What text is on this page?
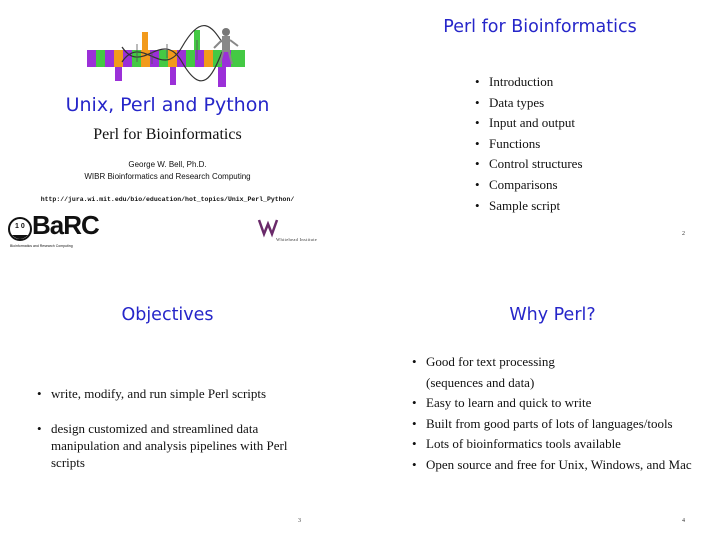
Unix, Perl and Python
Perl for Bioinformatics
George W. Bell, Ph.D.
WIBR Bioinformatics and Research Computing
http://jura.wi.mit.edu/bio/education/hot_topics/Unix_Perl_Python/
1 0 BaRC
Bioinformatics and Research Computing
Whitehead Institute
Perl for Bioinformatics
• Introduction
• Data types
• Input and output
• Functions
• Control structures
• Comparisons
• Sample script
2
Objectives
• write, modify, and run simple Perl scripts
• design customized and streamlined data manipulation and analysis pipelines with Perl scripts
3
Why Perl?
• Good for text processing
(sequences and data)
• Easy to learn and quick to write
• Built from good parts of lots of languages/tools
• Lots of bioinformatics tools available
• Open source and free for Unix, Windows, and Mac
4
